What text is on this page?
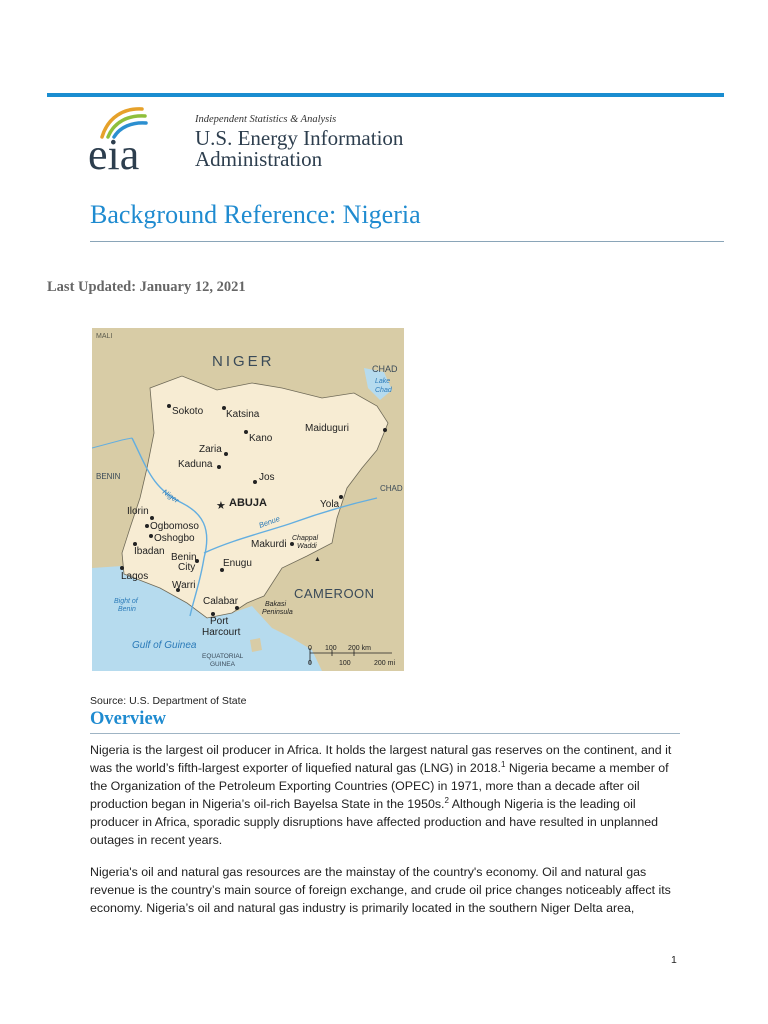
eia
Independent Statistics & Analysis
U.S. Energy Information Administration
Background Reference: Nigeria
Last Updated: January 12, 2021
MALI
NIGER	CHAD
CHAD
BENIN
CAMEROON
EQUATORIAL
GUINEA
Lake
Chad
Gulf of Guinea
Bight of
Benin
Niger
Benue
★ ABUJA
Sokoto Katsina
Kano
Maiduguri
Zaria
Kaduna
Jos
Yola
Ilorin
Ogbomoso
Oshogbo
Ibadan
Benin
City
Lagos
Warri
Makurdi
Enugu
Calabar
Port
Harcourt
▲
Chappal
Waddi
Bakasi
Peninsula
0 100 200 km
0	100	200 mi
Source: U.S. Department of State
Overview
Nigeria is the largest oil producer in Africa. It holds the largest natural gas reserves on the continent, and it was the world’s fifth-largest exporter of liquefied natural gas (LNG) in 2018.$^1$ Nigeria became a member of the Organization of the Petroleum Exporting Countries (OPEC) in 1971, more than a decade after oil production began in Nigeria’s oil-rich Bayelsa State in the 1950s.$^2$ Although Nigeria is the leading oil producer in Africa, sporadic supply disruptions have affected production and have resulted in unplanned outages in recent years.
Nigeria's oil and natural gas resources are the mainstay of the country's economy. Oil and natural gas revenue is the country’s main source of foreign exchange, and crude oil price changes noticeably affect its economy. Nigeria’s oil and natural gas industry is primarily located in the southern Niger Delta area,
1
